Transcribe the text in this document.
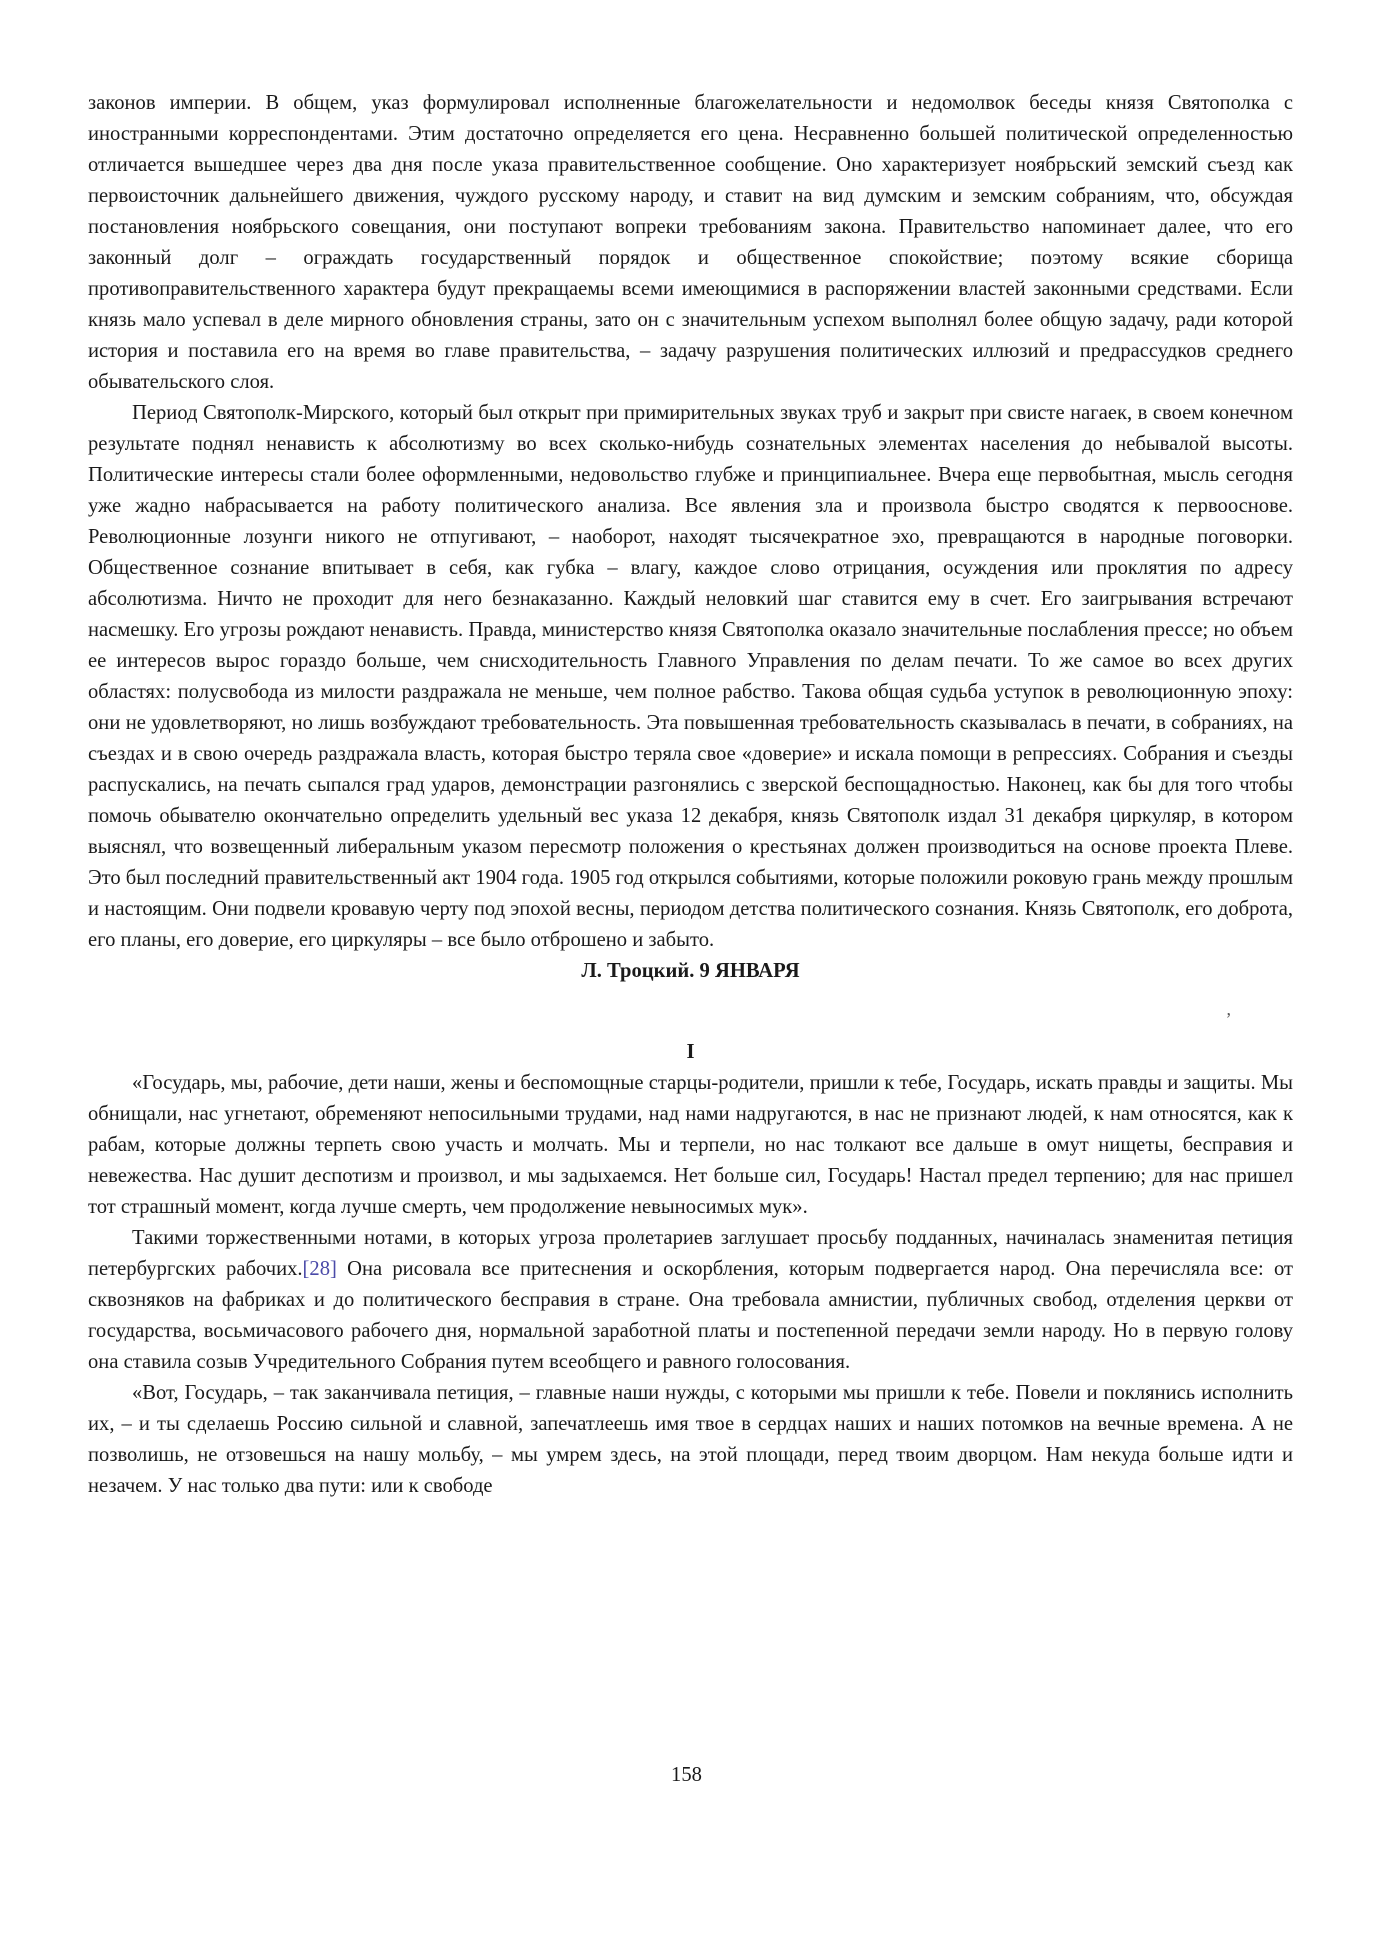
законов империи. В общем, указ формулировал исполненные благожелательности и недомолвок беседы князя Святополка с иностранными корреспондентами. Этим достаточно определяется его цена. Несравненно большей политической определенностью отличается вышедшее через два дня после указа правительственное сообщение. Оно характеризует ноябрьский земский съезд как первоисточник дальнейшего движения, чуждого русскому народу, и ставит на вид думским и земским собраниям, что, обсуждая постановления ноябрьского совещания, они поступают вопреки требованиям закона. Правительство напоминает далее, что его законный долг – ограждать государственный порядок и общественное спокойствие; поэтому всякие сборища противоправительственного характера будут прекращаемы всеми имеющимися в распоряжении властей законными средствами. Если князь мало успевал в деле мирного обновления страны, зато он с значительным успехом выполнял более общую задачу, ради которой история и поставила его на время во главе правительства, – задачу разрушения политических иллюзий и предрассудков среднего обывательского слоя.

Период Святополк-Мирского, который был открыт при примирительных звуках труб и закрыт при свисте нагаек, в своем конечном результате поднял ненависть к абсолютизму во всех сколько-нибудь сознательных элементах населения до небывалой высоты. Политические интересы стали более оформленными, недовольство глубже и принципиальнее. Вчера еще первобытная, мысль сегодня уже жадно набрасывается на работу политического анализа. Все явления зла и произвола быстро сводятся к первооснове. Революционные лозунги никого не отпугивают, – наоборот, находят тысячекратное эхо, превращаются в народные поговорки. Общественное сознание впитывает в себя, как губка – влагу, каждое слово отрицания, осуждения или проклятия по адресу абсолютизма. Ничто не проходит для него безнаказанно. Каждый неловкий шаг ставится ему в счет. Его заигрывания встречают насмешку. Его угрозы рождают ненависть. Правда, министерство князя Святополка оказало значительные послабления прессе; но объем ее интересов вырос гораздо больше, чем снисходительность Главного Управления по делам печати. То же самое во всех других областях: полусвобода из милости раздражала не меньше, чем полное рабство. Такова общая судьба уступок в революционную эпоху: они не удовлетворяют, но лишь возбуждают требовательность. Эта повышенная требовательность сказывалась в печати, в собраниях, на съездах и в свою очередь раздражала власть, которая быстро теряла свое «доверие» и искала помощи в репрессиях. Собрания и съезды распускались, на печать сыпался град ударов, демонстрации разгонялись с зверской беспощадностью. Наконец, как бы для того чтобы помочь обывателю окончательно определить удельный вес указа 12 декабря, князь Святополк издал 31 декабря циркуляр, в котором выяснял, что возвещенный либеральным указом пересмотр положения о крестьянах должен производиться на основе проекта Плеве. Это был последний правительственный акт 1904 года. 1905 год открылся событиями, которые положили роковую грань между прошлым и настоящим. Они подвели кровавую черту под эпохой весны, периодом детства политического сознания. Князь Святополк, его доброта, его планы, его доверие, его циркуляры – все было отброшено и забыто.

Л. Троцкий. 9 ЯНВАРЯ
,
I

«Государь, мы, рабочие, дети наши, жены и беспомощные старцы-родители, пришли к тебе, Государь, искать правды и защиты. Мы обнищали, нас угнетают, обременяют непосильными трудами, над нами надругаются, в нас не признают людей, к нам относятся, как к рабам, которые должны терпеть свою участь и молчать. Мы и терпели, но нас толкают все дальше в омут нищеты, бесправия и невежества. Нас душит деспотизм и произвол, и мы задыхаемся. Нет больше сил, Государь! Настал предел терпению; для нас пришел тот страшный момент, когда лучше смерть, чем продолжение невыносимых мук».

Такими торжественными нотами, в которых угроза пролетариев заглушает просьбу подданных, начиналась знаменитая петиция петербургских рабочих.[28] Она рисовала все притеснения и оскорбления, которым подвергается народ. Она перечисляла все: от сквозняков на фабриках и до политического бесправия в стране. Она требовала амнистии, публичных свобод, отделения церкви от государства, восьмичасового рабочего дня, нормальной заработной платы и постепенной передачи земли народу. Но в первую голову она ставила созыв Учредительного Собрания путем всеобщего и равного голосования.

«Вот, Государь, – так заканчивала петиция, – главные наши нужды, с которыми мы пришли к тебе. Повели и поклянись исполнить их, – и ты сделаешь Россию сильной и славной, запечатлеешь имя твое в сердцах наших и наших потомков на вечные времена. А не позволишь, не отзовешься на нашу мольбу, – мы умрем здесь, на этой площади, перед твоим дворцом. Нам некуда больше идти и незачем. У нас только два пути: или к свободе

158
